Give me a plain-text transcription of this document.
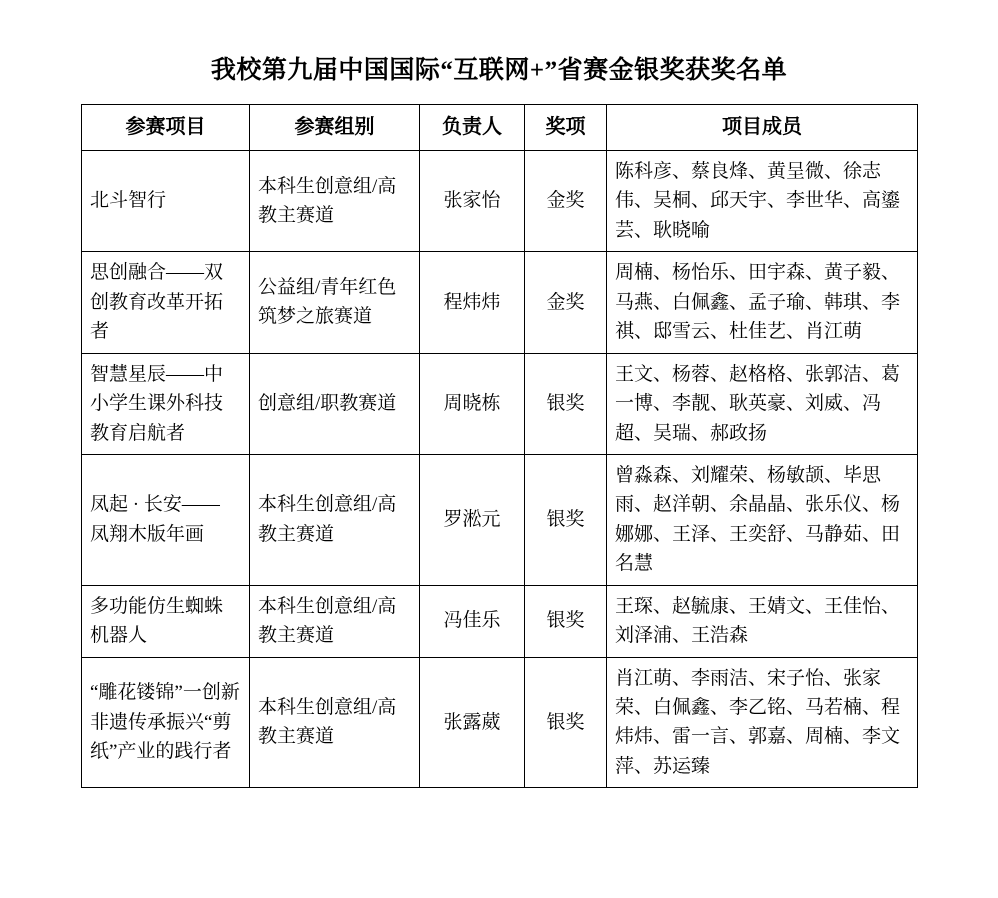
我校第九届中国国际“互联网+”省赛金银奖获奖名单
参赛项目	参赛组别	负责人	奖项	项目成员
北斗智行	本科生创意组/高教主赛道	张家怡	金奖	陈科彦、蔡良烽、黄呈微、徐志伟、吴桐、邱天宇、李世华、高鎏芸、耿晓喻
思创融合——双创教育改革开拓者	公益组/青年红色筑梦之旅赛道	程炜炜	金奖	周楠、杨怡乐、田宇森、黄子毅、马燕、白佩鑫、孟子瑜、韩琪、李祺、邸雪云、杜佳艺、肖江萌
智慧星辰——中小学生课外科技教育启航者	创意组/职教赛道	周晓栋	银奖	王文、杨蓉、赵格格、张郭洁、葛一博、李靓、耿英豪、刘威、冯超、吴瑞、郝政扬
凤起 · 长安—— 凤翔木版年画	本科生创意组/高教主赛道	罗淞元	银奖	曾淼森、刘耀荣、杨敏颉、毕思雨、赵洋朝、余晶晶、张乐仪、杨娜娜、王泽、王奕舒、马静茹、田名慧
多功能仿生蜘蛛机器人	本科生创意组/高教主赛道	冯佳乐	银奖	王琛、赵毓康、王婧文、王佳怡、刘泽浦、王浩森
“雕花镂锦”一创新非遗传承振兴“剪纸”产业的践行者	本科生创意组/高教主赛道	张露葳	银奖	肖江萌、李雨洁、宋子怡、张家荣、白佩鑫、李乙铭、马若楠、程炜炜、雷一言、郭嘉、周楠、李文萍、苏运臻
